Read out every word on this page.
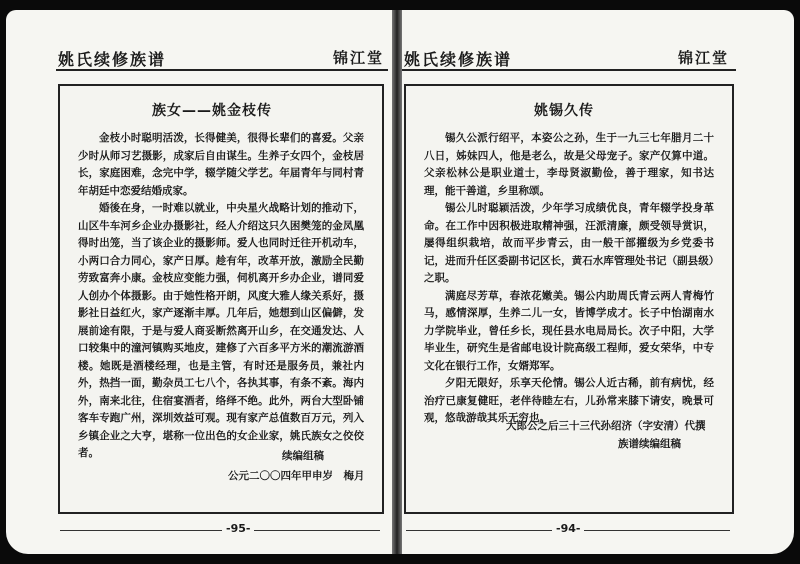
姚氏续修族谱	锦江堂 姚氏续修族谱	锦江堂
族女——姚金枝传

金枝小时聪明活泼，长得健美，很得长辈们的喜爱。父亲少时从师习艺摄影，成家后自由谋生。生养子女四个，金枝居长，家庭困难，念完中学，辍学随父学艺。年届青年与同村青年胡廷中恋爱结婚成家。

婚後在身，一时难以就业，中央星火战略计划的推动下，山区牛车河乡企业办摄影社，经人介绍这只久困樊笼的金凤凰得时出笼，当了该企业的摄影师。爱人也同时迁往开机动车，小两口合力同心，家产日厚。趁有年，改革开放，激励全民勤劳致富奔小康。金枝应变能力强，伺机离开乡办企业，谱同爱人创办个体摄影。由于她性格开朗，风度大雅人缘关系好，摄影社日益红火，家产逐渐丰厚。几年后，她想到山区偏僻，发展前途有限，于是与爱人商妥断然离开山乡，在交通发达、人口较集中的潼河镇购买地皮，建修了六百多平方米的潮流游酒楼。她既是酒楼经理，也是主管，有时还是服务员，兼社内外，热挡一面，勤杂员工七八个，各执其事，有条不紊。海内外，南来北往，住宿宴酒者，络绎不绝。此外，两台大型卧铺客车专跑广州，深圳效益可观。现有家产总值数百万元，列入乡镇企业之大亨，堪称一位出色的女企业家，姚氏族女之佼佼者。	续编组稿
公元二〇〇四年甲申岁　梅月
姚锡久传

锡久公派行绍平，本姿公之孙，生于一九三七年腊月二十八日，姊妹四人，他是老么，故是父母宠子。家产仅算中道。父亲松林公是职业道士，李母贤淑勤俭，善于理家，知书达理，能干善道，乡里称颂。

锡公儿时聪颖活泼，少年学习成绩优良，青年辍学投身革命。在工作中因积极进取精神强，汪派清廉，颇受领导赏识，屡得组织栽培，故而平步青云，由一般干部擢级为乡党委书记，进而升任区委副书记区长，黄石水库管理处书记（副县级）之职。

满庭尽芳草，春浓花嫩美。锡公内助周氏青云两人青梅竹马，感情深厚，生养二儿一女，皆博学成才。长子中怡湖南水力学院毕业，曾任乡长，现任县水电局局长。次子中阳，大学毕业生，研究生是省邮电设计院高级工程师，爱女荣华，中专文化在银行工作，女婿郑军。

夕阳无限好，乐享天伦情。锡公人近古稀，前有病忧，经治疗已康复健旺，老伴待睦左右，儿孙常来膝下请安，晚景可观，悠哉游哉其乐无穷也。

大郎公之后三十三代孙绍济（字安清）代撰
族谱续编组稿
-95-	-94-
